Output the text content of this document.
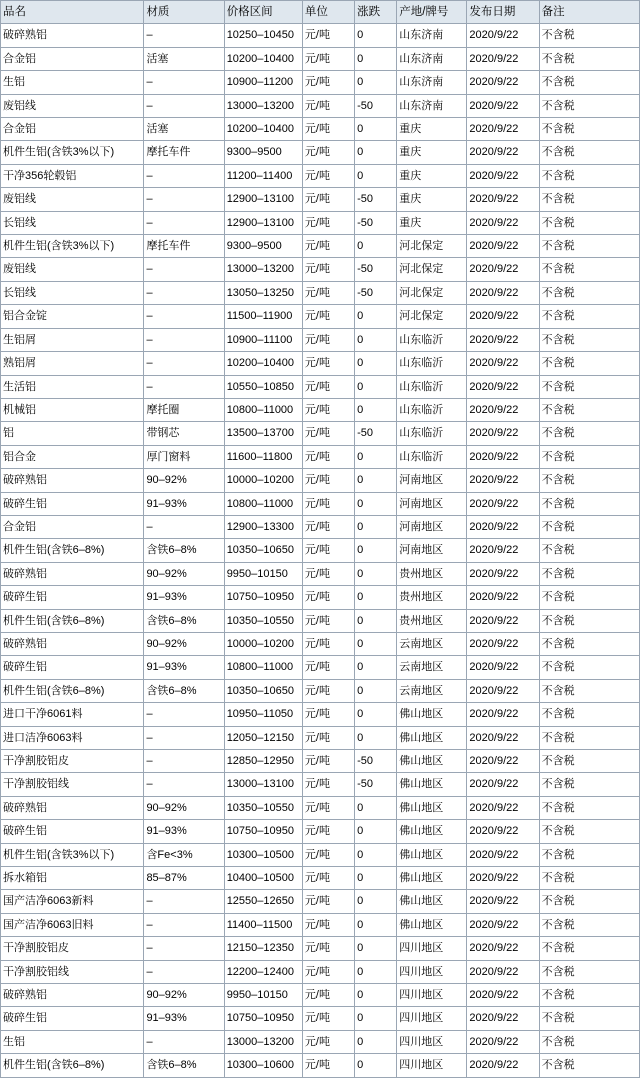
品名	材质	价格区间	单位	涨跌	产地/牌号	发布日期	备注
破碎熟铝	–	10250–10450	元/吨	0	山东济南	2020/9/22	不含税
合金铝	活塞	10200–10400	元/吨	0	山东济南	2020/9/22	不含税
生铝	–	10900–11200	元/吨	0	山东济南	2020/9/22	不含税
废铝线	–	13000–13200	元/吨	-50	山东济南	2020/9/22	不含税
合金铝	活塞	10200–10400	元/吨	0	重庆	2020/9/22	不含税
机件生铝(含铁3%以下)	摩托车件	9300–9500	元/吨	0	重庆	2020/9/22	不含税
干净356轮毂铝	–	11200–11400	元/吨	0	重庆	2020/9/22	不含税
废铝线	–	12900–13100	元/吨	-50	重庆	2020/9/22	不含税
长铝线	–	12900–13100	元/吨	-50	重庆	2020/9/22	不含税
机件生铝(含铁3%以下)	摩托车件	9300–9500	元/吨	0	河北保定	2020/9/22	不含税
废铝线	–	13000–13200	元/吨	-50	河北保定	2020/9/22	不含税
长铝线	–	13050–13250	元/吨	-50	河北保定	2020/9/22	不含税
铝合金锭	–	11500–11900	元/吨	0	河北保定	2020/9/22	不含税
生铝屑	–	10900–11100	元/吨	0	山东临沂	2020/9/22	不含税
熟铝屑	–	10200–10400	元/吨	0	山东临沂	2020/9/22	不含税
生活铝	–	10550–10850	元/吨	0	山东临沂	2020/9/22	不含税
机械铝	摩托圈	10800–11000	元/吨	0	山东临沂	2020/9/22	不含税
铝	带钢芯	13500–13700	元/吨	-50	山东临沂	2020/9/22	不含税
铝合金	厚门窗料	11600–11800	元/吨	0	山东临沂	2020/9/22	不含税
破碎熟铝	90–92%	10000–10200	元/吨	0	河南地区	2020/9/22	不含税
破碎生铝	91–93%	10800–11000	元/吨	0	河南地区	2020/9/22	不含税
合金铝	–	12900–13300	元/吨	0	河南地区	2020/9/22	不含税
机件生铝(含铁6–8%)	含铁6–8%	10350–10650	元/吨	0	河南地区	2020/9/22	不含税
破碎熟铝	90–92%	9950–10150	元/吨	0	贵州地区	2020/9/22	不含税
破碎生铝	91–93%	10750–10950	元/吨	0	贵州地区	2020/9/22	不含税
机件生铝(含铁6–8%)	含铁6–8%	10350–10550	元/吨	0	贵州地区	2020/9/22	不含税
破碎熟铝	90–92%	10000–10200	元/吨	0	云南地区	2020/9/22	不含税
破碎生铝	91–93%	10800–11000	元/吨	0	云南地区	2020/9/22	不含税
机件生铝(含铁6–8%)	含铁6–8%	10350–10650	元/吨	0	云南地区	2020/9/22	不含税
进口干净6061料	–	10950–11050	元/吨	0	佛山地区	2020/9/22	不含税
进口洁净6063料	–	12050–12150	元/吨	0	佛山地区	2020/9/22	不含税
干净割胶铝皮	–	12850–12950	元/吨	-50	佛山地区	2020/9/22	不含税
干净割胶铝线	–	13000–13100	元/吨	-50	佛山地区	2020/9/22	不含税
破碎熟铝	90–92%	10350–10550	元/吨	0	佛山地区	2020/9/22	不含税
破碎生铝	91–93%	10750–10950	元/吨	0	佛山地区	2020/9/22	不含税
机件生铝(含铁3%以下)	含Fe<3%	10300–10500	元/吨	0	佛山地区	2020/9/22	不含税
拆水箱铝	85–87%	10400–10500	元/吨	0	佛山地区	2020/9/22	不含税
国产洁净6063新料	–	12550–12650	元/吨	0	佛山地区	2020/9/22	不含税
国产洁净6063旧料	–	11400–11500	元/吨	0	佛山地区	2020/9/22	不含税
干净割胶铝皮	–	12150–12350	元/吨	0	四川地区	2020/9/22	不含税
干净割胶铝线	–	12200–12400	元/吨	0	四川地区	2020/9/22	不含税
破碎熟铝	90–92%	9950–10150	元/吨	0	四川地区	2020/9/22	不含税
破碎生铝	91–93%	10750–10950	元/吨	0	四川地区	2020/9/22	不含税
生铝	–	13000–13200	元/吨	0	四川地区	2020/9/22	不含税
机件生铝(含铁6–8%)	含铁6–8%	10300–10600	元/吨	0	四川地区	2020/9/22	不含税
